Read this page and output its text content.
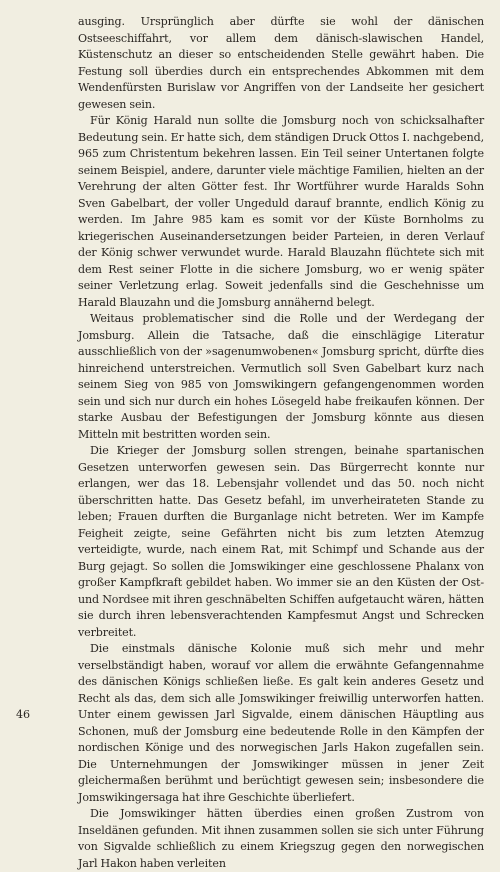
ausging. Ursprünglich aber dürfte sie wohl der dänischen Ostseeschiffahrt, vor allem dem dänisch-slawischen Handel, Küstenschutz an dieser so entscheidenden Stelle gewährt haben. Die Festung soll überdies durch ein entsprechendes Abkommen mit dem Wendenfürsten Burislaw vor Angriffen von der Landseite her gesichert gewesen sein.

Für König Harald nun sollte die Jomsburg noch von schicksalhafter Bedeutung sein. Er hatte sich, dem ständigen Druck Ottos I. nachgebend, 965 zum Christentum bekehren lassen. Ein Teil seiner Untertanen folgte seinem Beispiel, andere, darunter viele mächtige Familien, hielten an der Verehrung der alten Götter fest. Ihr Wortführer wurde Haralds Sohn Sven Gabelbart, der voller Ungeduld darauf brannte, endlich König zu werden. Im Jahre 985 kam es somit vor der Küste Bornholms zu kriegerischen Auseinandersetzungen beider Parteien, in deren Verlauf der König schwer verwundet wurde. Harald Blauzahn flüchtete sich mit dem Rest seiner Flotte in die sichere Jomsburg, wo er wenig später seiner Verletzung erlag. Soweit jedenfalls sind die Geschehnisse um Harald Blauzahn und die Jomsburg annähernd belegt.

Weitaus problematischer sind die Rolle und der Werdegang der Jomsburg. Allein die Tatsache, daß die einschlägige Literatur ausschließlich von der »sagenumwobenen« Jomsburg spricht, dürfte dies hinreichend unterstreichen. Vermutlich soll Sven Gabelbart kurz nach seinem Sieg von 985 von Jomswikingern gefangengenommen worden sein und sich nur durch ein hohes Lösegeld habe freikaufen können. Der starke Ausbau der Befestigungen der Jomsburg könnte aus diesen Mitteln mit bestritten worden sein.

Die Krieger der Jomsburg sollen strengen, beinahe spartanischen Gesetzen unterworfen gewesen sein. Das Bürgerrecht konnte nur erlangen, wer das 18. Lebensjahr vollendet und das 50. noch nicht überschritten hatte. Das Gesetz befahl, im unverheirateten Stande zu leben; Frauen durften die Burganlage nicht betreten. Wer im Kampfe Feigheit zeigte, seine Gefährten nicht bis zum letzten Atemzug verteidigte, wurde, nach einem Rat, mit Schimpf und Schande aus der Burg gejagt. So sollen die Jomswikinger eine geschlossene Phalanx von großer Kampfkraft gebildet haben. Wo immer sie an den Küsten der Ost- und Nordsee mit ihren geschnäbelten Schiffen aufgetaucht wären, hätten sie durch ihren lebensverachtenden Kampfesmut Angst und Schrecken verbreitet.

Die einstmals dänische Kolonie muß sich mehr und mehr verselbständigt haben, worauf vor allem die erwähnte Gefangennahme des dänischen Königs schließen ließe. Es galt kein anderes Gesetz und Recht als das, dem sich alle Jomswikinger freiwillig unterworfen hatten. Unter einem gewissen Jarl Sigvalde, einem dänischen Häuptling aus Schonen, muß der Jomsburg eine bedeutende Rolle in den Kämpfen der nordischen Könige und des norwegischen Jarls Hakon zugefallen sein. Die Unternehmungen der Jomswikinger müssen in jener Zeit gleichermaßen berühmt und berüchtigt gewesen sein; insbesondere die Jomswikingersaga hat ihre Geschichte überliefert.

Die Jomswikinger hätten überdies einen großen Zustrom von Inseldänen gefunden. Mit ihnen zusammen sollen sie sich unter Führung von Sigvalde schließlich zu einem Kriegszug gegen den norwegischen Jarl Hakon haben verleiten

46
